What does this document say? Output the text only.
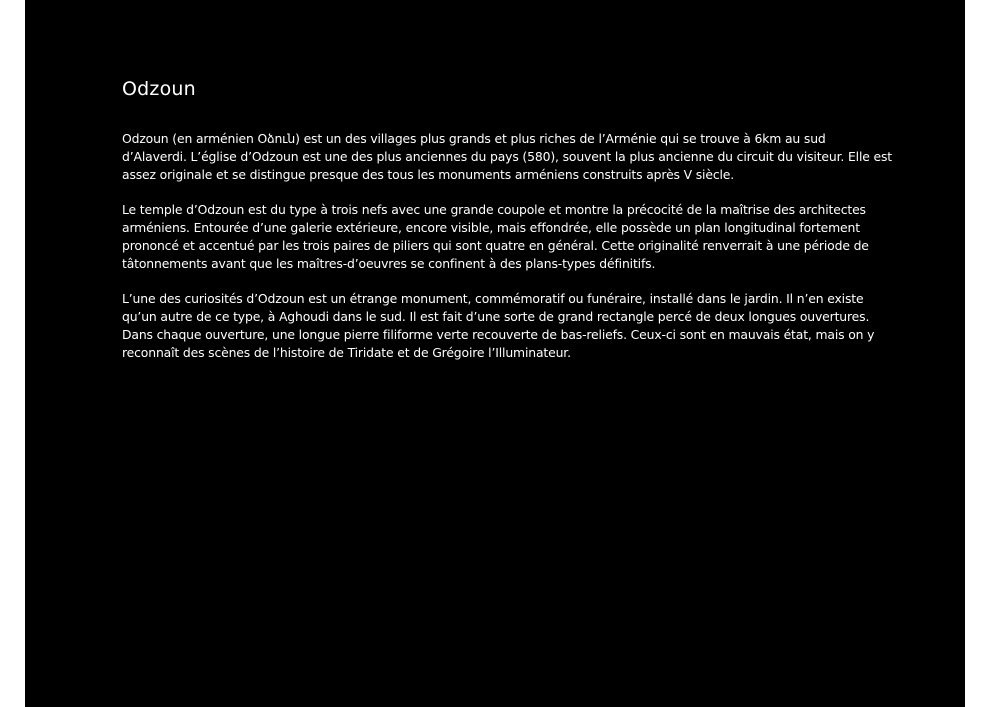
Odzoun

Odzoun (en arménien Օձուն) est un des villages plus grands et plus riches de l’Arménie qui se trouve à 6km au sud d’Alaverdi. L’église d’Odzoun est une des plus anciennes du pays (580), souvent la plus ancienne du circuit du visiteur. Elle est assez originale et se distingue presque des tous les monuments arméniens construits après V siècle.

Le temple d’Odzoun est du type à trois nefs avec une grande coupole et montre la précocité de la maîtrise des architectes arméniens. Entourée d’une galerie extérieure, encore visible, mais effondrée, elle possède un plan longitudinal fortement prononcé et accentué par les trois paires de piliers qui sont quatre en général. Cette originalité renverrait à une période de tâtonnements avant que les maîtres-d’oeuvres se confinent à des plans-types définitifs.

L’une des curiosités d’Odzoun est un étrange monument, commémoratif ou funéraire, installé dans le jardin. Il n’en existe qu’un autre de ce type, à Aghoudi dans le sud. Il est fait d’une sorte de grand rectangle percé de deux longues ouvertures. Dans chaque ouverture, une longue pierre filiforme verte recouverte de bas-reliefs. Ceux-ci sont en mauvais état, mais on y reconnaît des scènes de l’histoire de Tiridate et de Grégoire l’Illuminateur.
